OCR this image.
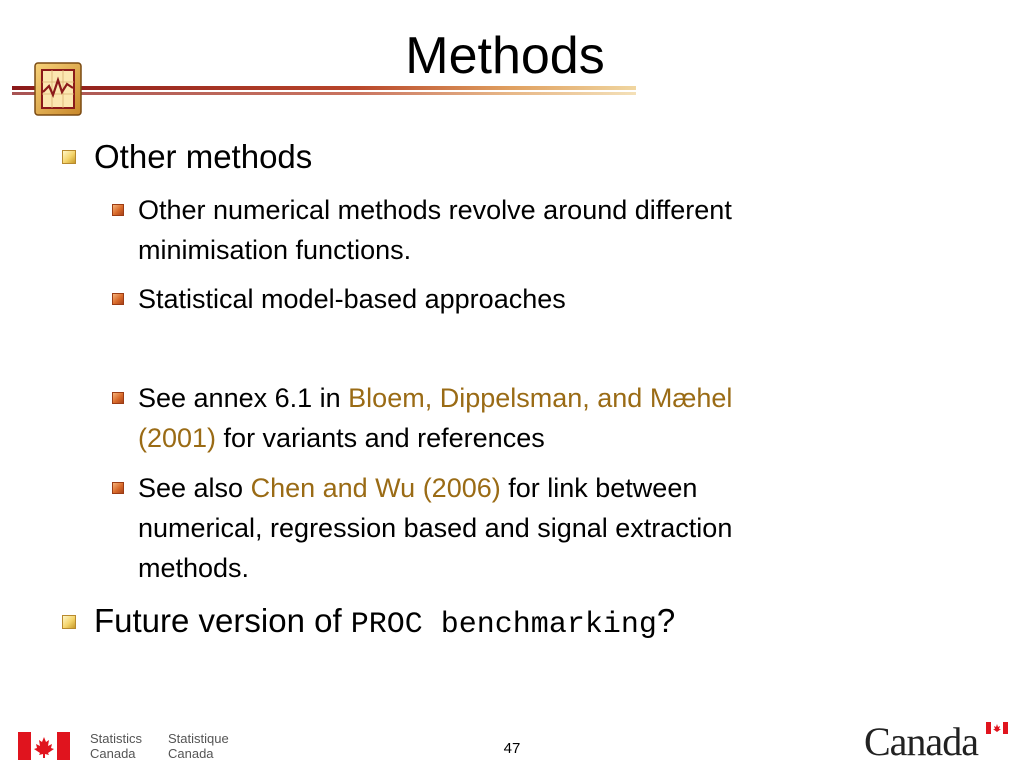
Methods
Other methods
Other numerical methods revolve around different
minimisation functions.
Statistical model-based approaches
See annex 6.1 in Bloem, Dippelsman, and Mæhel
(2001) for variants and references
See also Chen and Wu (2006) for link between
numerical, regression based and signal extraction
methods.
Future version of PROC benchmarking?
Statistics
Canada
Statistique
Canada	47	Canada
